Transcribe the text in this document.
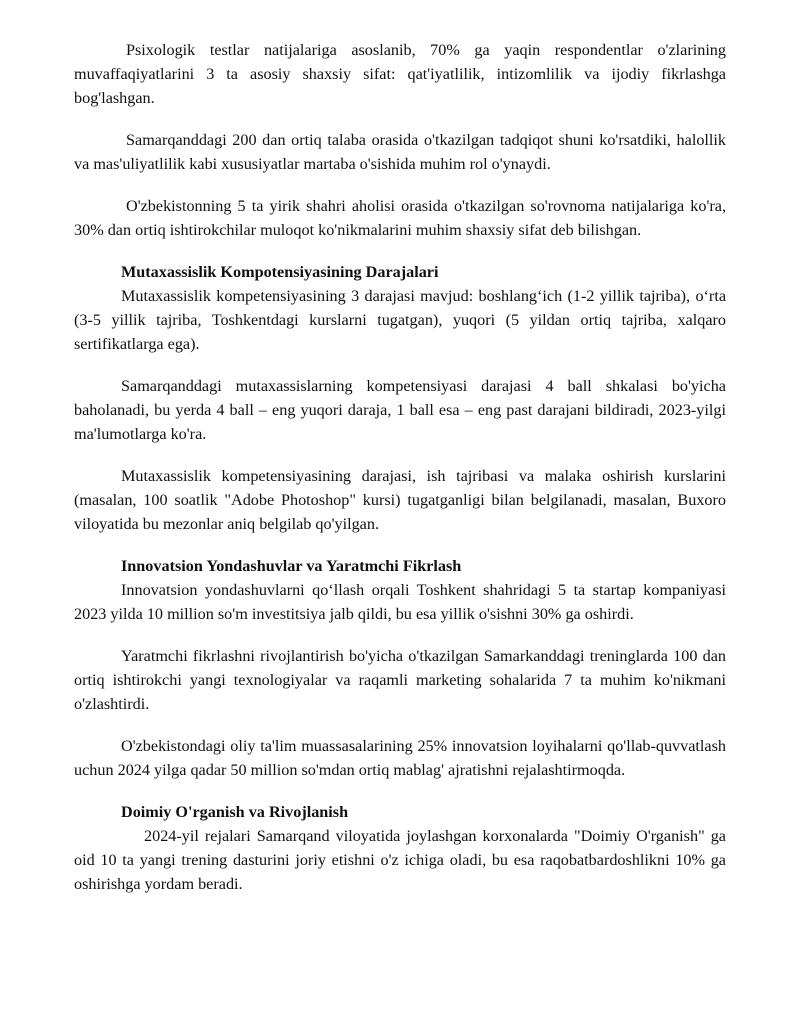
Psixologik testlar natijalariga asoslanib, 70% ga yaqin respondentlar o'zlarining muvaffaqiyatlarini 3 ta asosiy shaxsiy sifat: qat'iyatlilik, intizomlilik va ijodiy fikrlashga bog'lashgan.

Samarqanddagi 200 dan ortiq talaba orasida o'tkazilgan tadqiqot shuni ko'rsatdiki, halollik va mas'uliyatlilik kabi xususiyatlar martaba o'sishida muhim rol o'ynaydi.

O'zbekistonning 5 ta yirik shahri aholisi orasida o'tkazilgan so'rovnoma natijalariga ko'ra, 30% dan ortiq ishtirokchilar muloqot ko'nikmalarini muhim shaxsiy sifat deb bilishgan.

Mutaxassislik Kompotensiyasining Darajalari

Mutaxassislik kompetensiyasining 3 darajasi mavjud: boshlang‘ich (1-2 yillik tajriba), o‘rta (3-5 yillik tajriba, Toshkentdagi kurslarni tugatgan), yuqori (5 yildan ortiq tajriba, xalqaro sertifikatlarga ega).

Samarqanddagi mutaxassislarning kompetensiyasi darajasi 4 ball shkalasi bo'yicha baholanadi, bu yerda 4 ball – eng yuqori daraja, 1 ball esa – eng past darajani bildiradi, 2023-yilgi ma'lumotlarga ko'ra.

Mutaxassislik kompetensiyasining darajasi, ish tajribasi va malaka oshirish kurslarini (masalan, 100 soatlik "Adobe Photoshop" kursi) tugatganligi bilan belgilanadi, masalan, Buxoro viloyatida bu mezonlar aniq belgilab qo'yilgan.

Innovatsion Yondashuvlar va Yaratmchi Fikrlash

Innovatsion yondashuvlarni qo‘llash orqali Toshkent shahridagi 5 ta startap kompaniyasi 2023 yilda 10 million so'm investitsiya jalb qildi, bu esa yillik o'sishni 30% ga oshirdi.

Yaratmchi fikrlashni rivojlantirish bo'yicha o'tkazilgan Samarkanddagi treninglarda 100 dan ortiq ishtirokchi yangi texnologiyalar va raqamli marketing sohalarida 7 ta muhim ko'nikmani o'zlashtirdi.

O'zbekistondagi oliy ta'lim muassasalarining 25% innovatsion loyihalarni qo'llab-quvvatlash uchun 2024 yilga qadar 50 million so'mdan ortiq mablag' ajratishni rejalashtirmoqda.

Doimiy O'rganish va Rivojlanish

2024-yil rejalari Samarqand viloyatida joylashgan korxonalarda "Doimiy O'rganish" ga oid 10 ta yangi trening dasturini joriy etishni o'z ichiga oladi, bu esa raqobatbardoshlikni 10% ga oshirishga yordam beradi.
